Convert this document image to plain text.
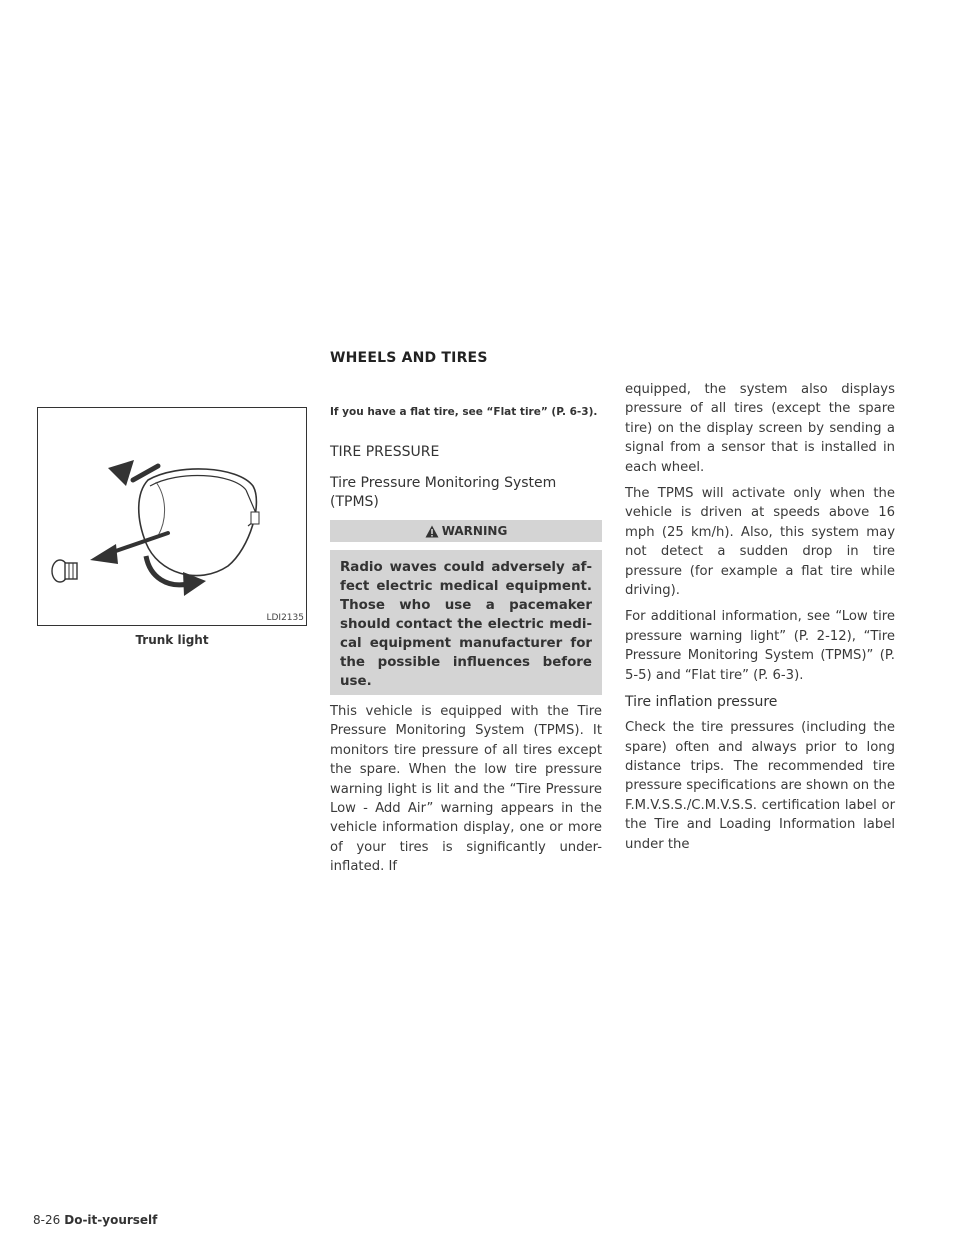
WHEELS AND TIRES
LDI2135
Trunk light
If you have a flat tire, see “Flat tire” (P. 6-3).
TIRE PRESSURE
Tire Pressure Monitoring System (TPMS)
WARNING

Radio waves could adversely affect electric medical equipment. Those who use a pacemaker should contact the electric medical equipment manufacturer for the possible influences before use.

This vehicle is equipped with the Tire Pressure Monitoring System (TPMS). It monitors tire pressure of all tires except the spare. When the low tire pressure warning light is lit and the “Tire Pressure Low - Add Air” warning appears in the vehicle information display, one or more of your tires is significantly under-inflated. If

equipped, the system also displays pressure of all tires (except the spare tire) on the display screen by sending a signal from a sensor that is installed in each wheel.

The TPMS will activate only when the vehicle is driven at speeds above 16 mph (25 km/h). Also, this system may not detect a sudden drop in tire pressure (for example a flat tire while driving).

For additional information, see “Low tire pressure warning light” (P. 2-12), “Tire Pressure Monitoring System (TPMS)” (P. 5-5) and “Flat tire” (P. 6-3).

Tire inflation pressure

Check the tire pressures (including the spare) often and always prior to long distance trips. The recommended tire pressure specifications are shown on the F.M.V.S.S./C.M.V.S.S. certification label or the Tire and Loading Information label under the

8-26 Do-it-yourself
